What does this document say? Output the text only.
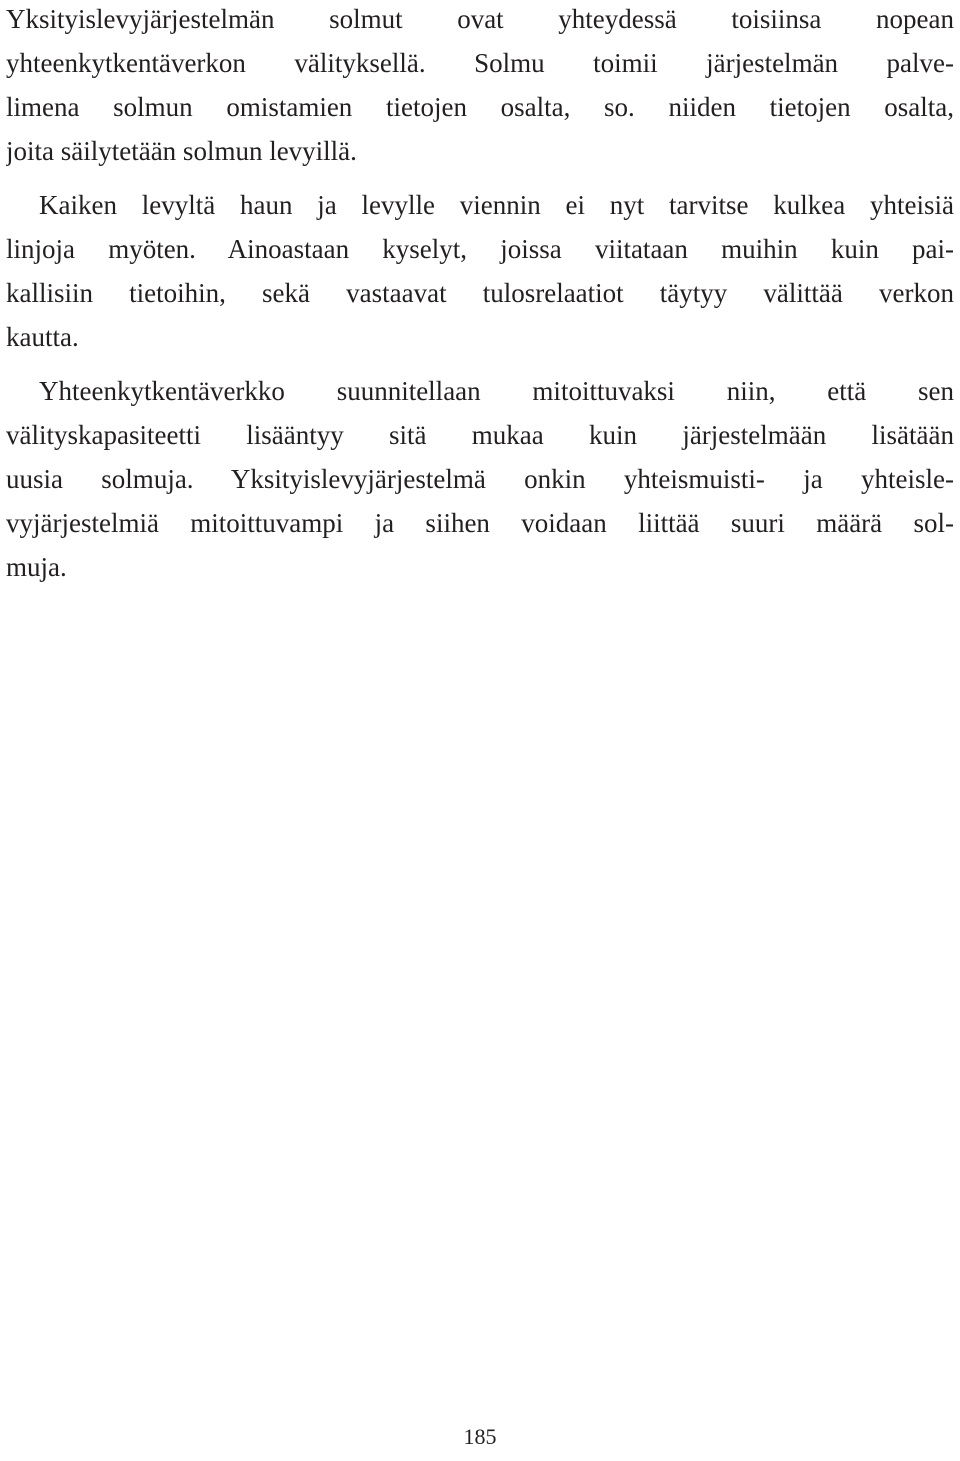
Yksityislevyjärjestelmän solmut ovat yhteydessä toisiinsa nopean
yhteenkytkentäverkon välityksellä. Solmu toimii järjestelmän palve-
limena solmun omistamien tietojen osalta, so. niiden tietojen osalta,
joita säilytetään solmun levyillä.
Kaiken levyltä haun ja levylle viennin ei nyt tarvitse kulkea yhteisiä
linjoja myöten. Ainoastaan kyselyt, joissa viitataan muihin kuin pai-
kallisiin tietoihin, sekä vastaavat tulosrelaatiot täytyy välittää verkon
kautta.
Yhteenkytkentäverkko suunnitellaan mitoittuvaksi niin, että sen
välityskapasiteetti lisääntyy sitä mukaa kuin järjestelmään lisätään
uusia solmuja. Yksityislevyjärjestelmä onkin yhteismuisti- ja yhteisle-
vyjärjestelmiä mitoittuvampi ja siihen voidaan liittää suuri määrä sol-
muja.
185
